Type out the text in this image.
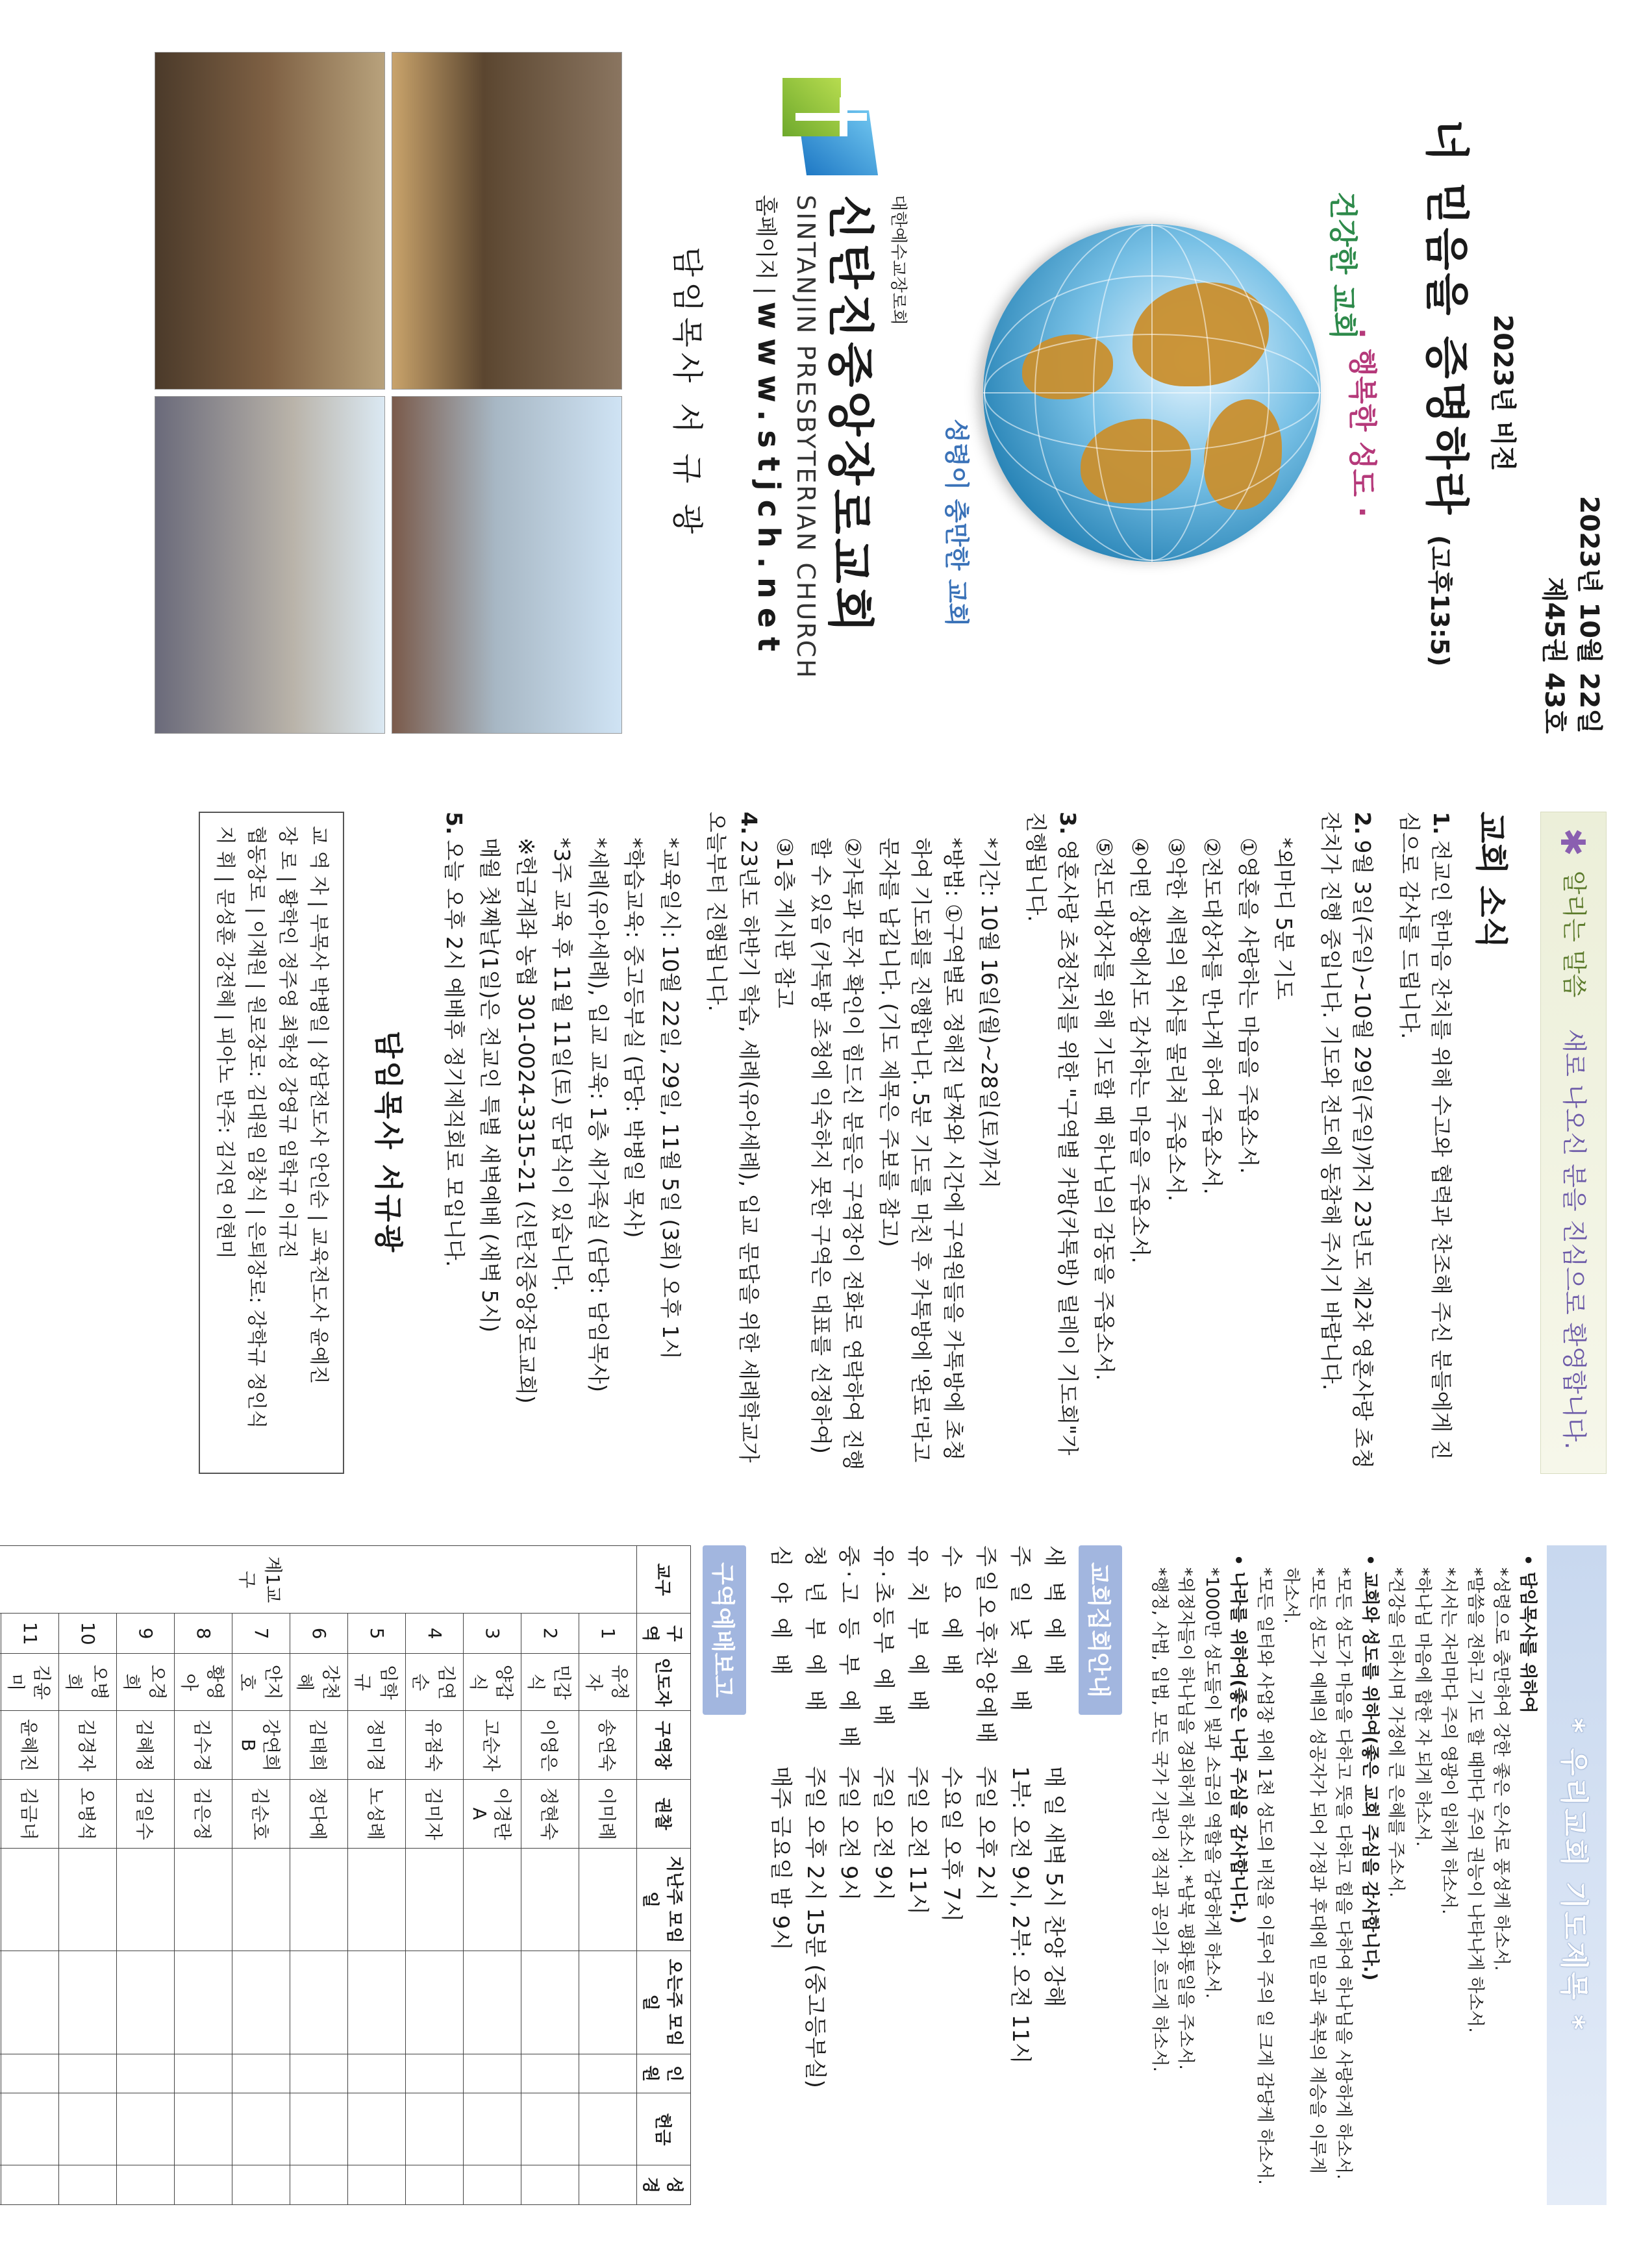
2023년 10월 22일
제45권 43호
2023년 비전
너 믿음을 증명하라 (고후13:5)
건강한 교회
· 행복한 성도 ·
성령이 충만한 교회
대한예수교장로회
신탄진중앙장로교회
SINTANJIN PRESBYTERIAN CHURCH
홈페이지 | www.stjch.net
담임목사 서 규 광
✱ 알리는 말씀    새로 나오신 분을 진심으로 환영합니다.
교회 소식
1.전교인 한마음 잔치를 위해 수고와 협력과 찬조해 주신 분들에게 진심으로 감사를 드립니다.
2.9월 3일(주일)~10월 29일(주일)까지 23년도 제2차 영혼사랑 초청잔치가 진행 중입니다. 기도와 전도에 동참해 주시기 바랍니다.
*외마디 5분 기도
①영혼을 사랑하는 마음을 주옵소서.
②전도대상자를 만나게 하여 주옵소서.
③악한 세력의 역사를 물리쳐 주옵소서.
④어떤 상황에서도 감사하는 마음을 주옵소서.
⑤전도대상자를 위해 기도할 때 하나님의 감동을 주옵소서.
3.영혼사랑 초청잔치를 위한 "구역별 카방(카톡방) 릴레이 기도회"가 진행됩니다.
*기간: 10월 16일(월)~28일(토)까지
*방법: ①구역별로 정해진 날짜와 시간에 구역원들을 카톡방에 초청하여 기도회를 진행합니다. 5분 기도를 마친 후 카톡방에 '완료'라고 문자를 남깁니다. (기도 제목은 주보를 참고)
②카톡과 문자 확인이 힘드신 분들은 구역장이 전화로 연락하여 진행 할 수 있음 (카톡방 초청에 익숙하지 못한 구역은 대표를 선정하여)
③1층 게시판 참고
4.23년도 하반기 학습, 세례(유아세례), 입교 문답을 위한 세례학교가 오늘부터 진행됩니다.
*교육일시: 10월 22일, 29일, 11월 5일 (3회) 오후 1시
*학습교육: 중고등부실 (담당: 박병일 목사)
*세례(유아세례), 입교 교육: 1층 새가족실 (담당: 담임목사)
*3주 교육 후 11월 11일(토) 문답식이 있습니다.
※헌금계좌 농협 301-0024-3315-21 (신탄진중앙장로교회)
매월 첫째날(1일)은 전교인 특별 새벽예배 (새벽 5시)
5.오늘 오후 2시 예배후 정기제직회로 모입니다.
담임목사 서규광
교 역 자 | 부목사 박병일 | 상담전도사 안인순 | 교육전도사 윤예진
장 로 | 황학인 정주영 최학성 강영규 임학규 이규진
협동장로 | 이재원 | 원로장로: 김대원 임창식 | 은퇴장로: 강학규 정인식
지 휘 | 문성훈 강전혜 | 피아노 반주: 김지연 이현미
* 우리교회 기도제목 *
• 담임목사를 위하여
*성령으로 충만하여 강한 좋은 은사로 풍성케 하소서.
*말씀을 전하고 기도 할 때마다 주의 권능이 나타나게 하소서.
*서서는 자리마다 주의 영광이 임하게 하소서.
*하나님 마음에 합한 자 되게 하소서.
*건강을 더하시며 가정에 큰 은혜를 주소서.
• 교회와 성도를 위하여(좋은 교회 주심을 감사합니다.)
*모든 성도가 마음을 다하고 뜻을 다하고 힘을 다하여 하나님을 사랑하게 하소서.
*모든 성도가 예배의 성공자가 되어 가정과 후대에 믿음과 축복의 계승을 이루게 하소서.
*모든 일터와 사업장 위에 1천 성도의 비전을 이루어 주의 일 크게 감당케 하소서.
• 나라를 위하여(좋은 나라 주심을 감사합니다.)
*1000만 성도들이 빛과 소금의 역할을 감당하게 하소서.
*위정자들이 하나님을 경외하게 하소서. *남북 평화통일을 주소서.
*행정, 사법, 입법, 모든 국가 기관이 정직과 공의가 흐르게 하소서.
교회집회안내
새 벽 예 배
매 일 새벽 5시 찬양 강해
주 일 낮 예 배
1부: 오전 9시, 2부: 오전 11시
주일오후찬양예배
주일 오후 2시
수 요 예 배
수요일 오후 7시
유 치 부 예 배
주일 오전 11시
유·초등부 예 배
주일 오전 9시
중·고 등 부 예 배
주일 오전 9시
청 년 부 예 배
주일 오후 2시 15분 (중고등부실)
심 야 예 배
매주 금요일 밤 9시
구역예배보고
교구	구역	인도자	구역장	권찰	지난주 모임일	오는주 모임일	인원	헌금	성경
계1교구	1	유정자	송연숙	이미례					
	2	민갑식	이영은	정현숙					
	3	양갑식	고순자	이경란A					
	4	김연순	유점숙	김미자					
	5	임학규	정미경	노성례					
	6	강천혜	김태희	정다예					
	7	안지호	강연희B	김순호					
	8	황영아	김수경	김은정					
	9	오경희	김혜정	김일수					
	10	오병희	김경자	오병석					
	11	김윤미	윤혜진	김금녀					
